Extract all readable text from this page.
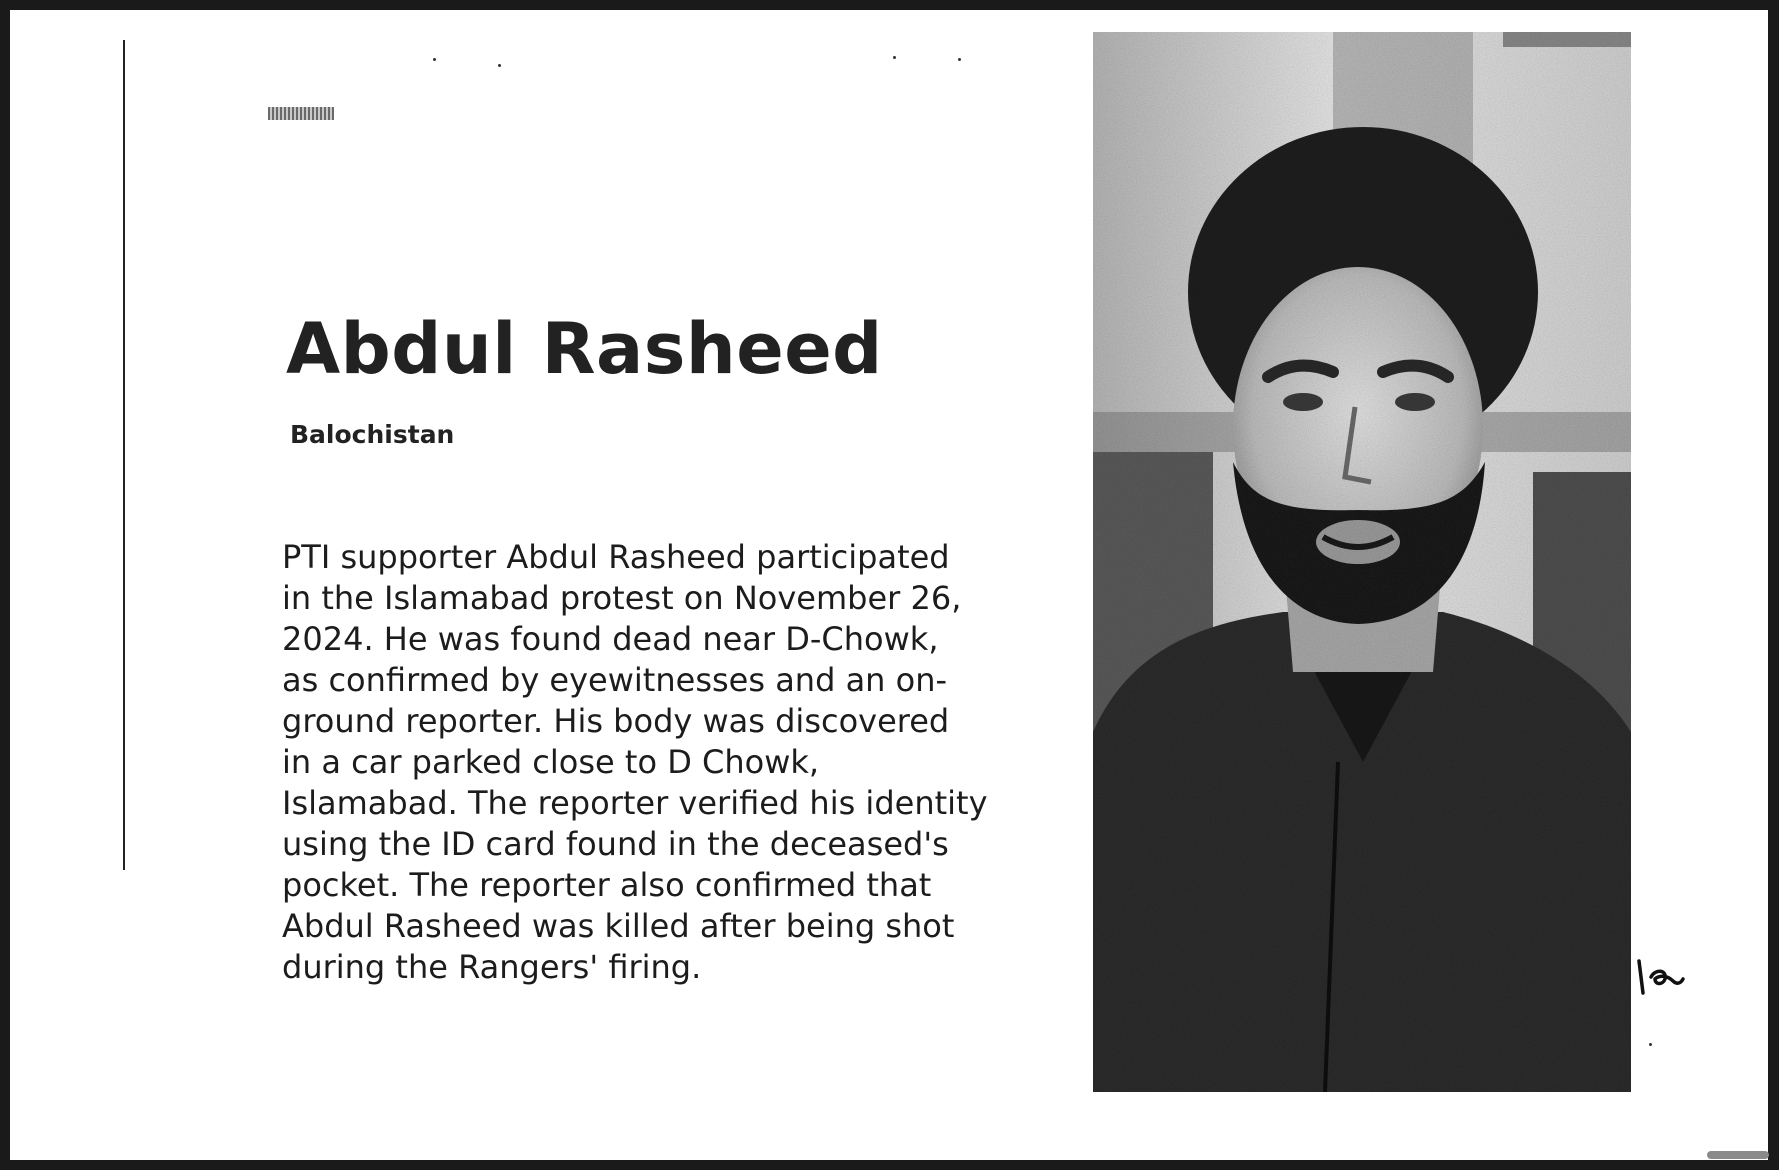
Abdul Rasheed
Balochistan

PTI supporter Abdul Rasheed participated
in the Islamabad protest on November 26,
2024. He was found dead near D-Chowk,
as confirmed by eyewitnesses and an on-
ground reporter. His body was discovered
in a car parked close to D Chowk,
Islamabad. The reporter verified his identity
using the ID card found in the deceased's
pocket. The reporter also confirmed that
Abdul Rasheed was killed after being shot
during the Rangers' firing.
